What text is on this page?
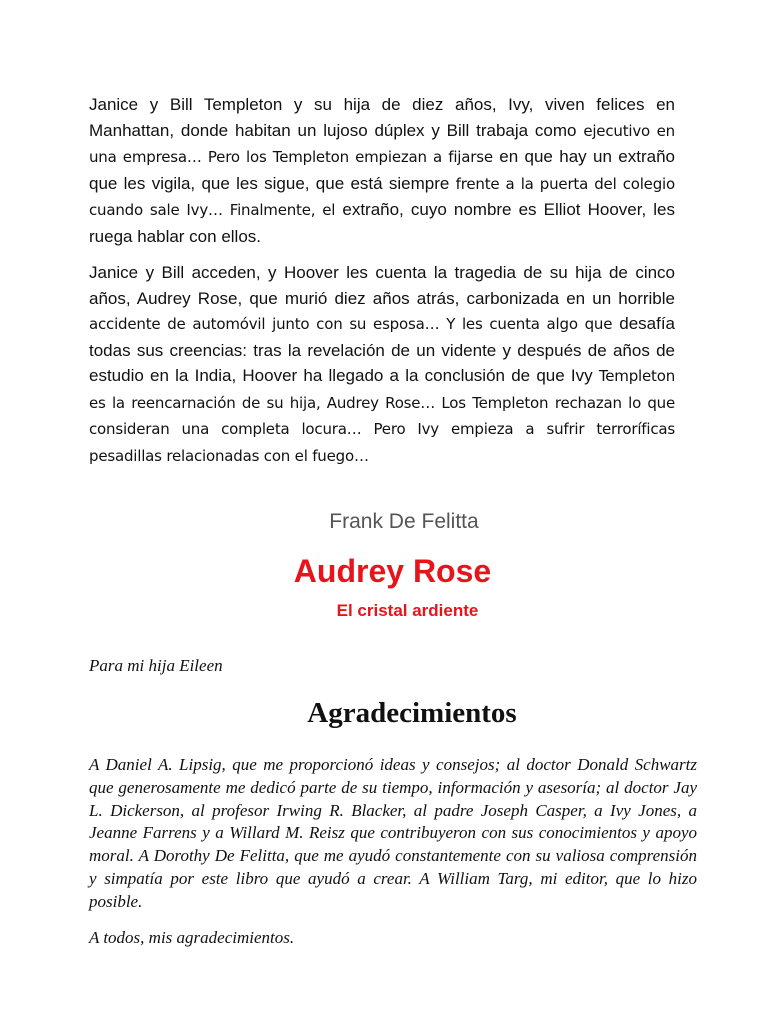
Janice y Bill Templeton y su hija de diez años, Ivy, viven felices en Manhattan, donde habitan un lujoso dúplex y Bill trabaja como ejecutivo en una empresa… Pero los Templeton empiezan a fijarse en que hay un extraño que les vigila, que les sigue, que está siempre frente a la puerta del colegio cuando sale Ivy… Finalmente, el extraño, cuyo nombre es Elliot Hoover, les ruega hablar con ellos.

Janice y Bill acceden, y Hoover les cuenta la tragedia de su hija de cinco años, Audrey Rose, que murió diez años atrás, carbonizada en un horrible accidente de automóvil junto con su esposa… Y les cuenta algo que desafía todas sus creencias: tras la revelación de un vidente y después de años de estudio en la India, Hoover ha llegado a la conclusión de que Ivy Templeton es la reencarnación de su hija, Audrey Rose… Los Templeton rechazan lo que consideran una completa locura… Pero Ivy empieza a sufrir terroríficas pesadillas relacionadas con el fuego…

Frank De Felitta

Audrey Rose

El cristal ardiente

Para mi hija Eileen

Agradecimientos

A Daniel A. Lipsig, que me proporcionó ideas y consejos; al doctor Donald Schwartz que generosamente me dedicó parte de su tiempo, información y asesoría; al doctor Jay L. Dickerson, al profesor Irwing R. Blacker, al padre Joseph Casper, a Ivy Jones, a Jeanne Farrens y a Willard M. Reisz que contribuyeron con sus conocimientos y apoyo moral. A Dorothy De Felitta, que me ayudó constantemente con su valiosa comprensión y simpatía por este libro que ayudó a crear. A William Targ, mi editor, que lo hizo posible.

A todos, mis agradecimientos.
